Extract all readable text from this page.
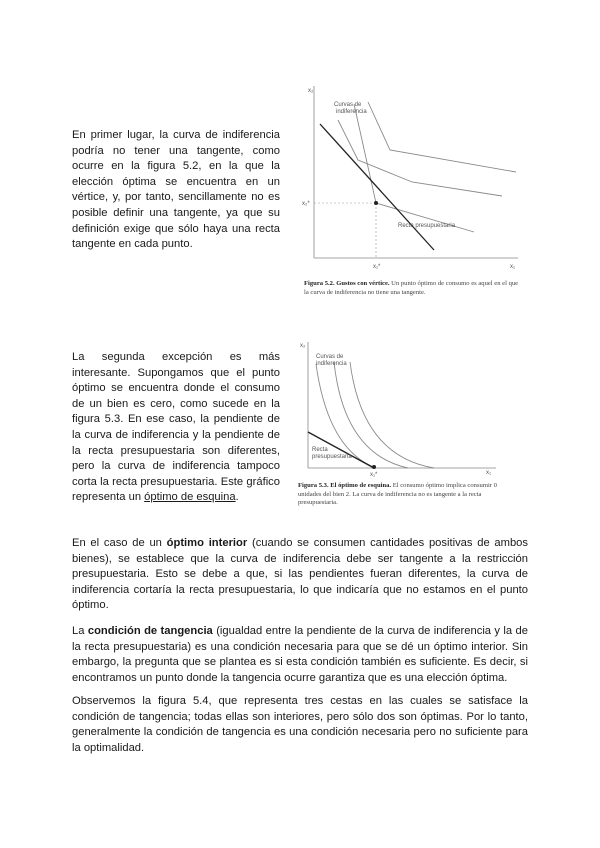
En primer lugar, la curva de indiferencia podría no tener una tangente, como ocurre en la figura 5.2, en la que la elección óptima se encuentra en un vértice, y, por tanto, sencillamente no es posible definir una tangente, ya que su definición exige que sólo haya una recta tangente en cada punto.

x₂
x₁
Curvas de
indiferencia
Recta presupuestaria
x₂*
x₁*
Figura 5.2. Gustos con vértice. Un punto óptimo de consumo es aquel en el que la curva de indiferencia no tiene una tangente.

La segunda excepción es más interesante. Supongamos que el punto óptimo se encuentra donde el consumo de un bien es cero, como sucede en la figura 5.3. En ese caso, la pendiente de la curva de indiferencia y la pendiente de la recta presupuestaria son diferentes, pero la curva de indiferencia tampoco corta la recta presupuestaria. Este gráfico representa un óptimo de esquina.

x₂
x₁
Curvas de
indiferencia
Recta
presupuestaria
x₁*
Figura 5.3. El óptimo de esquina. El consumo óptimo implica consumir 0 unidades del bien 2. La curva de indiferencia no es tangente a la recta presupuestaria.

En el caso de un óptimo interior (cuando se consumen cantidades positivas de ambos bienes), se establece que la curva de indiferencia debe ser tangente a la restricción presupuestaria. Esto se debe a que, si las pendientes fueran diferentes, la curva de indiferencia cortaría la recta presupuestaria, lo que indicaría que no estamos en el punto óptimo.

La condición de tangencia (igualdad entre la pendiente de la curva de indiferencia y la de la recta presupuestaria) es una condición necesaria para que se dé un óptimo interior. Sin embargo, la pregunta que se plantea es si esta condición también es suficiente. Es decir, si encontramos un punto donde la tangencia ocurre garantiza que es una elección óptima.

Observemos la figura 5.4, que representa tres cestas en las cuales se satisface la condición de tangencia; todas ellas son interiores, pero sólo dos son óptimas. Por lo tanto, generalmente la condición de tangencia es una condición necesaria pero no suficiente para la optimalidad.
